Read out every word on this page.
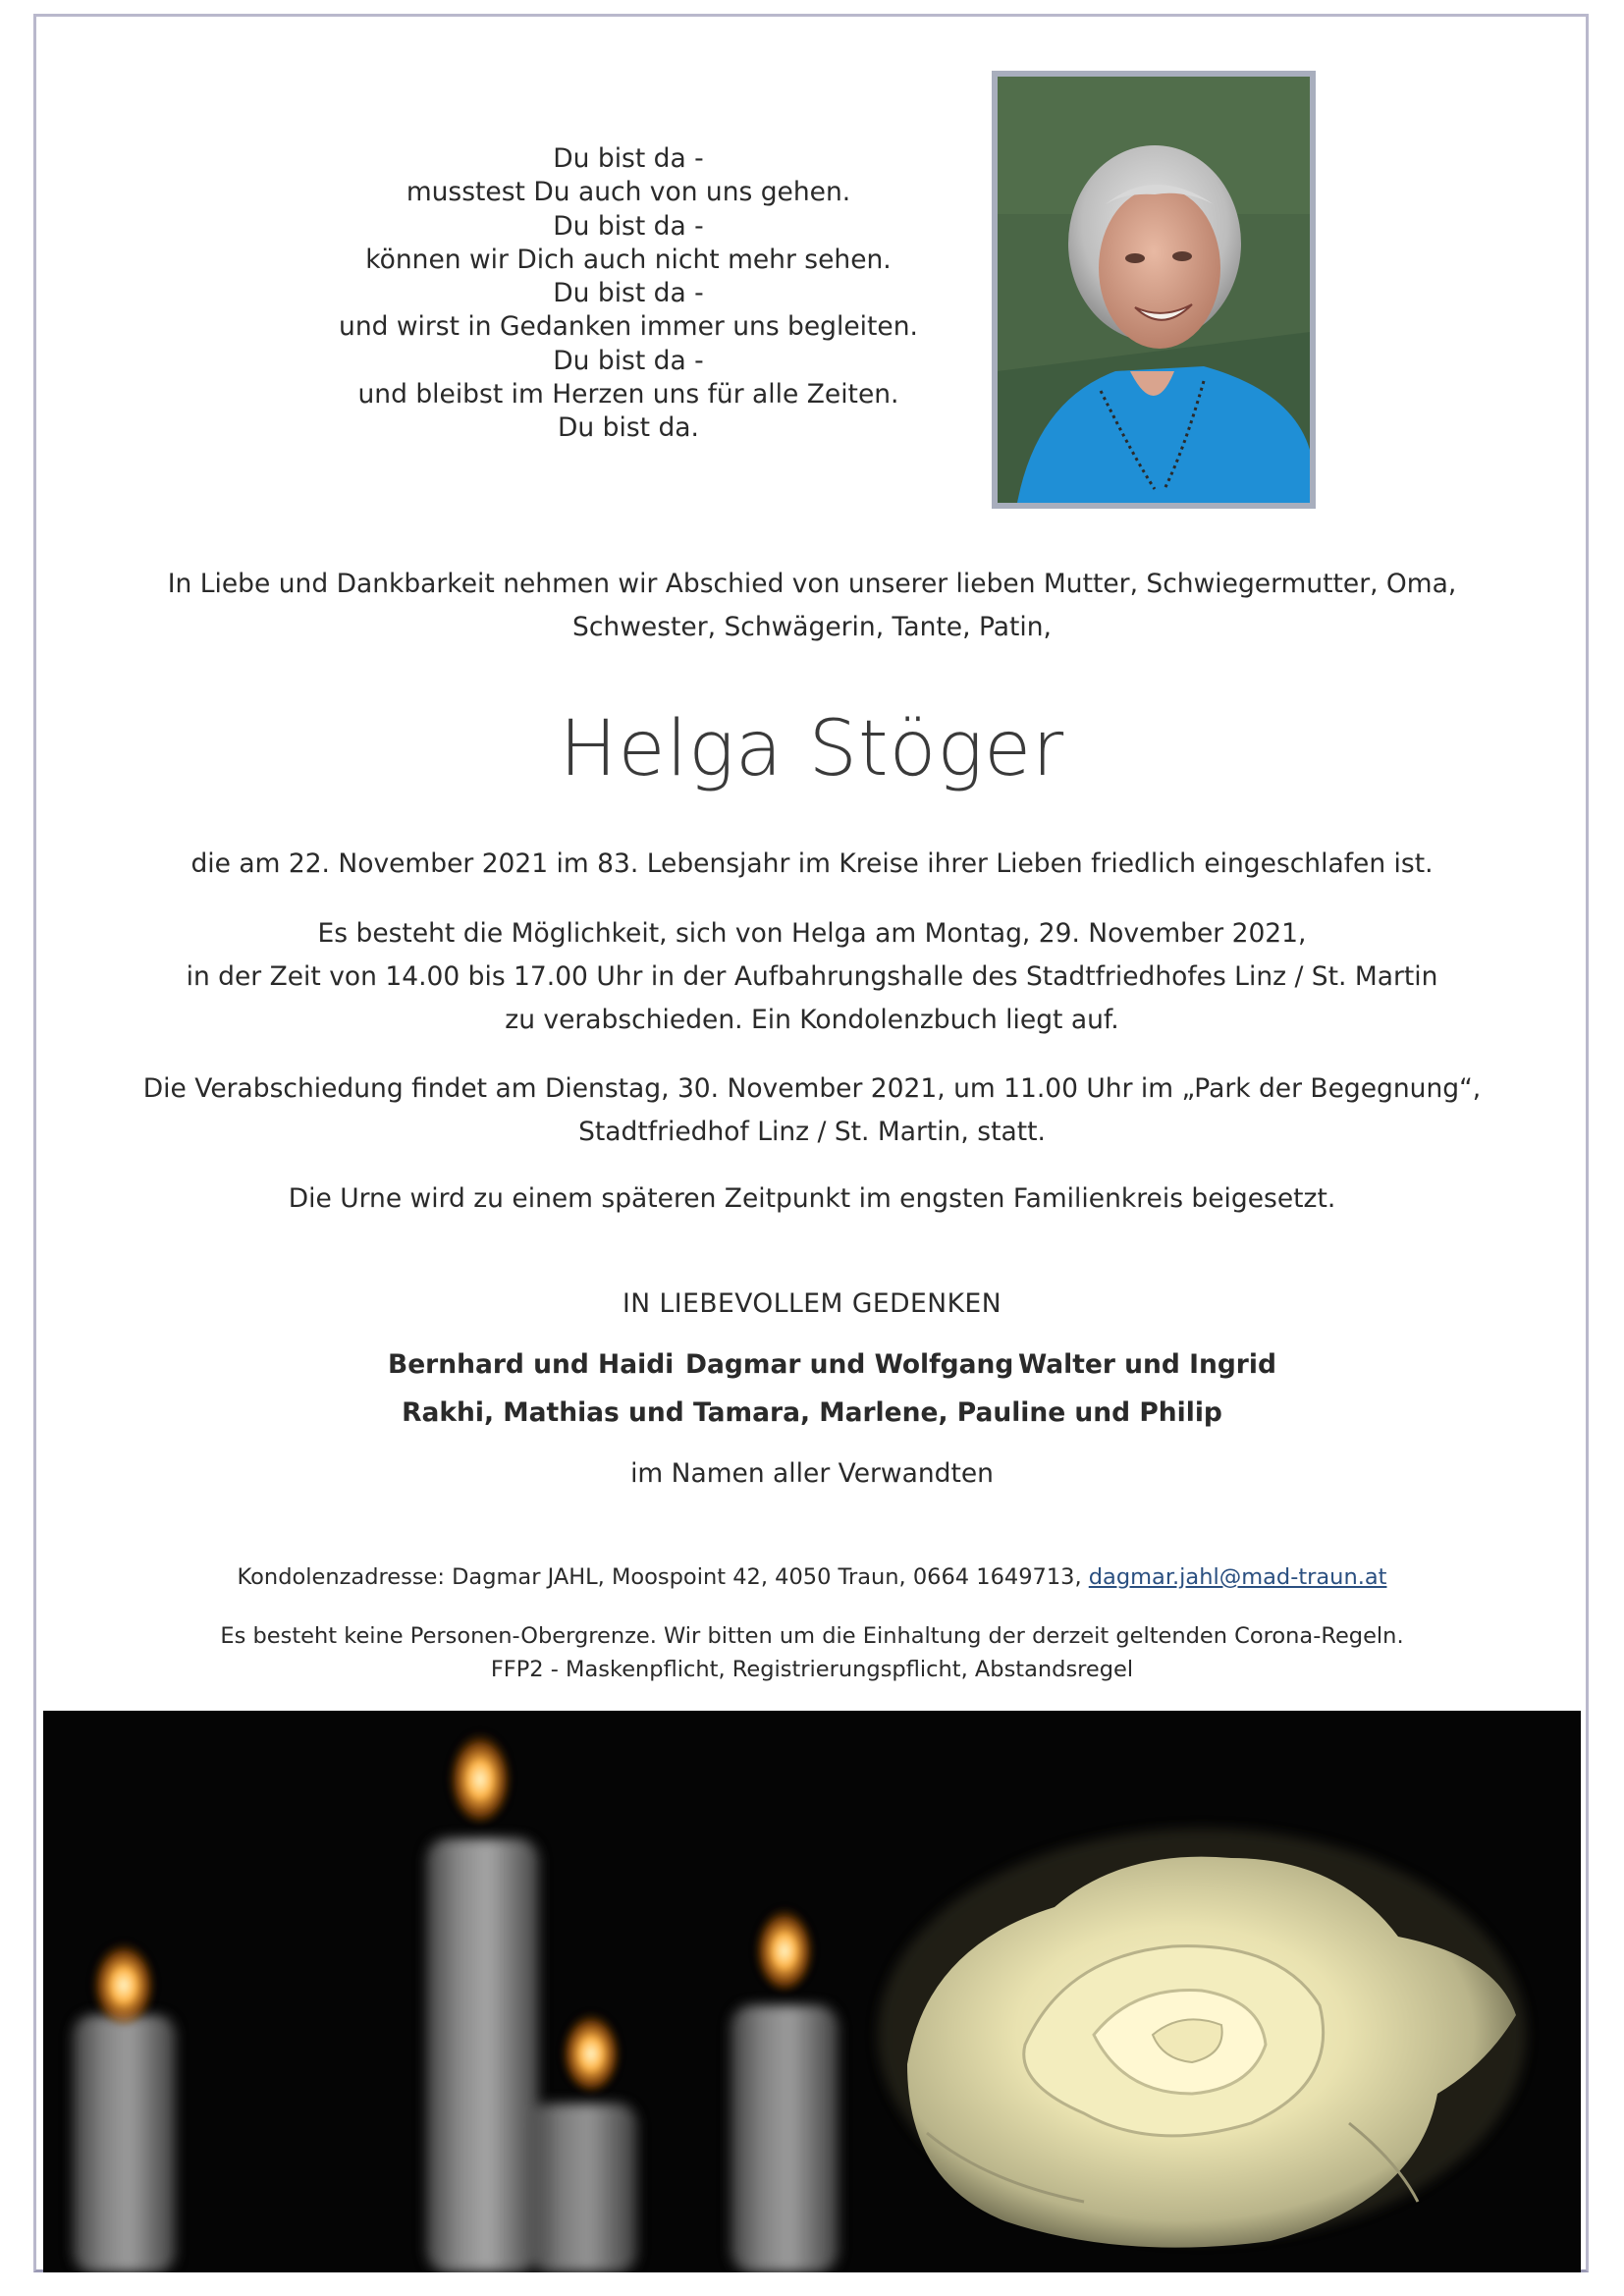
Du bist da -
musstest Du auch von uns gehen.
Du bist da -
können wir Dich auch nicht mehr sehen.
Du bist da -
und wirst in Gedanken immer uns begleiten.
Du bist da -
und bleibst im Herzen uns für alle Zeiten.
Du bist da.
In Liebe und Dankbarkeit nehmen wir Abschied von unserer lieben Mutter, Schwiegermutter, Oma,
Schwester, Schwägerin, Tante, Patin,
Helga Stöger
die am 22. November 2021 im 83. Lebensjahr im Kreise ihrer Lieben friedlich eingeschlafen ist.
Es besteht die Möglichkeit, sich von Helga am Montag, 29. November 2021,
in der Zeit von 14.00 bis 17.00 Uhr in der Aufbahrungshalle des Stadtfriedhofes Linz / St. Martin
zu verabschieden. Ein Kondolenzbuch liegt auf.
Die Verabschiedung findet am Dienstag, 30. November 2021, um 11.00 Uhr im „Park der Begegnung“,
Stadtfriedhof Linz / St. Martin, statt.
Die Urne wird zu einem späteren Zeitpunkt im engsten Familienkreis beigesetzt.
IN LIEBEVOLLEM GEDENKEN
Bernhard und Haidi Dagmar und Wolfgang Walter und Ingrid
Rakhi, Mathias und Tamara, Marlene, Pauline und Philip
im Namen aller Verwandten
Kondolenzadresse: Dagmar JAHL, Moospoint 42, 4050 Traun, 0664 1649713, dagmar.jahl@mad-traun.at
Es besteht keine Personen-Obergrenze. Wir bitten um die Einhaltung der derzeit geltenden Corona-Regeln.
FFP2 - Maskenpflicht, Registrierungspflicht, Abstandsregel
